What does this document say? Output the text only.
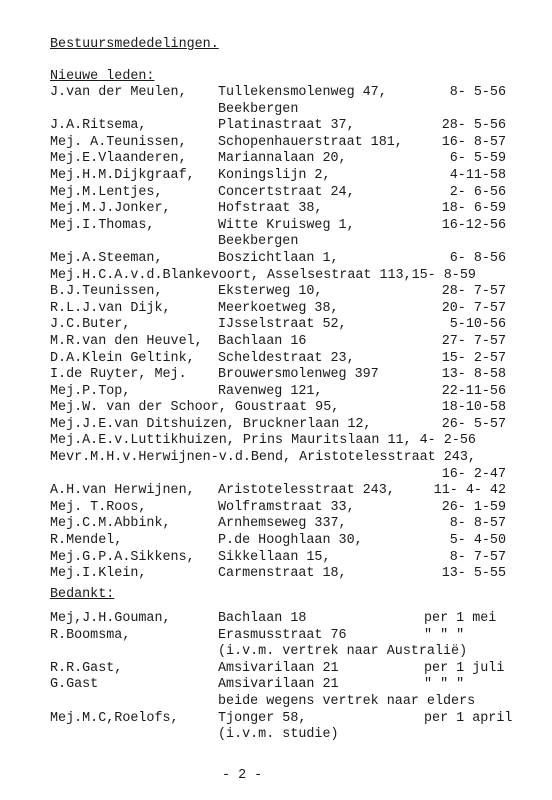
Bestuursmededelingen.
Nieuwe leden:
J.van der Meulen, Tullekensmolenweg 47,	8- 5-56
Beekbergen
J.A.Ritsema,	Platinastraat 37,	28- 5-56
Mej. A.Teunissen, Schopenhauerstraat 181,	16- 8-57
Mej.E.Vlaanderen, Mariannalaan 20,	6- 5-59
Mej.H.M.Dijkgraaf, Koningslijn 2,	4-11-58
Mej.M.Lentjes,	Concertstraat 24,	2- 6-56
Mej.M.J.Jonker,	Hofstraat 38,	18- 6-59
Mej.I.Thomas,	Witte Kruisweg 1,	16-12-56
Beekbergen
Mej.A.Steeman,	Boszichtlaan 1,	6- 8-56
Mej.H.C.A.v.d.Blankevoort, Asselsestraat 113,15- 8-59
B.J.Teunissen,	Eksterweg 10,	28- 7-57
R.L.J.van Dijk,	Meerkoetweg 38,	20- 7-57
J.C.Buter,	IJsselstraat 52,	5-10-56
M.R.van den Heuvel, Bachlaan 16	27- 7-57
D.A.Klein Geltink, Scheldestraat 23,	15- 2-57
I.de Ruyter, Mej. Brouwersmolenweg 397	13- 8-58
Mej.P.Top,	Ravenweg 121,	22-11-56
Mej.W. van der Schoor, Goustraat 95,	18-10-58
Mej.J.E.van Ditshuizen, Brucknerlaan 12,	26- 5-57
Mej.A.E.v.Luttikhuizen, Prins Mauritslaan 11, 4- 2-56
Mevr.M.H.v.Herwijnen-v.d.Bend, Aristotelesstraat 243,
16- 2-47
A.H.van Herwijnen, Aristotelesstraat 243,	11- 4- 42
Mej. T.Roos,	Wolframstraat 33,	26- 1-59
Mej.C.M.Abbink,	Arnhemseweg 337,	8- 8-57
R.Mendel,	P.de Hooghlaan 30,	5- 4-50
Mej.G.P.A.Sikkens, Sikkellaan 15,	8- 7-57
Mej.I.Klein,	Carmenstraat 18,	13- 5-55
Bedankt:
Mej,J.H.Gouman,	Bachlaan 18	per 1 mei
R.Boomsma,	Erasmusstraat 76	" " "
(i.v.m. vertrek naar Australië)
R.R.Gast,	Amsivarilaan 21	per 1 juli
G.Gast	Amsivarilaan 21	" " "
beide wegens vertrek naar elders
Mej.M.C,Roelofs,	Tjonger 58,	per 1 april
(i.v.m. studie)
- 2 -
